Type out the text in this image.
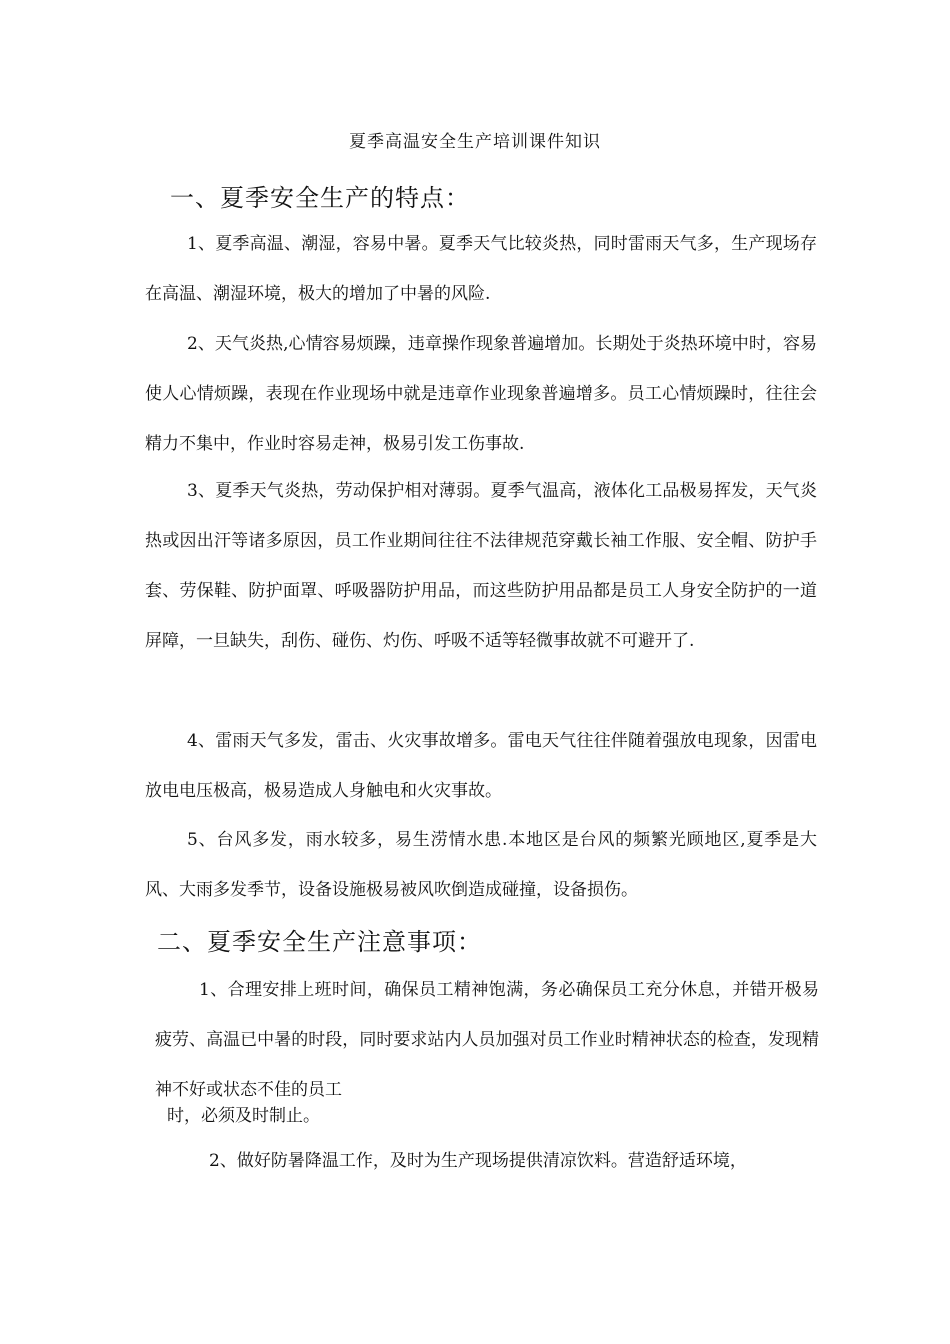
夏季高温安全生产培训课件知识
一、夏季安全生产的特点：

1、夏季高温、潮湿，容易中暑。夏季天气比较炎热，同时雷雨天气多，生产现场存在高温、潮湿环境，极大的增加了中暑的风险.

2、天气炎热,心情容易烦躁，违章操作现象普遍增加。长期处于炎热环境中时，容易使人心情烦躁，表现在作业现场中就是违章作业现象普遍增多。员工心情烦躁时，往往会精力不集中，作业时容易走神，极易引发工伤事故.

3、夏季天气炎热，劳动保护相对薄弱。夏季气温高，液体化工品极易挥发，天气炎热或因出汗等诸多原因，员工作业期间往往不法律规范穿戴长袖工作服、安全帽、防护手套、劳保鞋、防护面罩、呼吸器防护用品，而这些防护用品都是员工人身安全防护的一道屏障，一旦缺失，刮伤、碰伤、灼伤、呼吸不适等轻微事故就不可避开了.

4、雷雨天气多发，雷击、火灾事故增多。雷电天气往往伴随着强放电现象，因雷电放电电压极高，极易造成人身触电和火灾事故。

5、台风多发，雨水较多，易生涝情水患.本地区是台风的频繁光顾地区,夏季是大风、大雨多发季节，设备设施极易被风吹倒造成碰撞，设备损伤。

二、夏季安全生产注意事项：

1、合理安排上班时间，确保员工精神饱满，务必确保员工充分休息，并错开极易疲劳、高温已中暑的时段，同时要求站内人员加强对员工作业时精神状态的检查，发现精神不好或状态不佳的员工

时，必须及时制止。
2、做好防暑降温工作，及时为生产现场提供清凉饮料。营造舒适环境，
